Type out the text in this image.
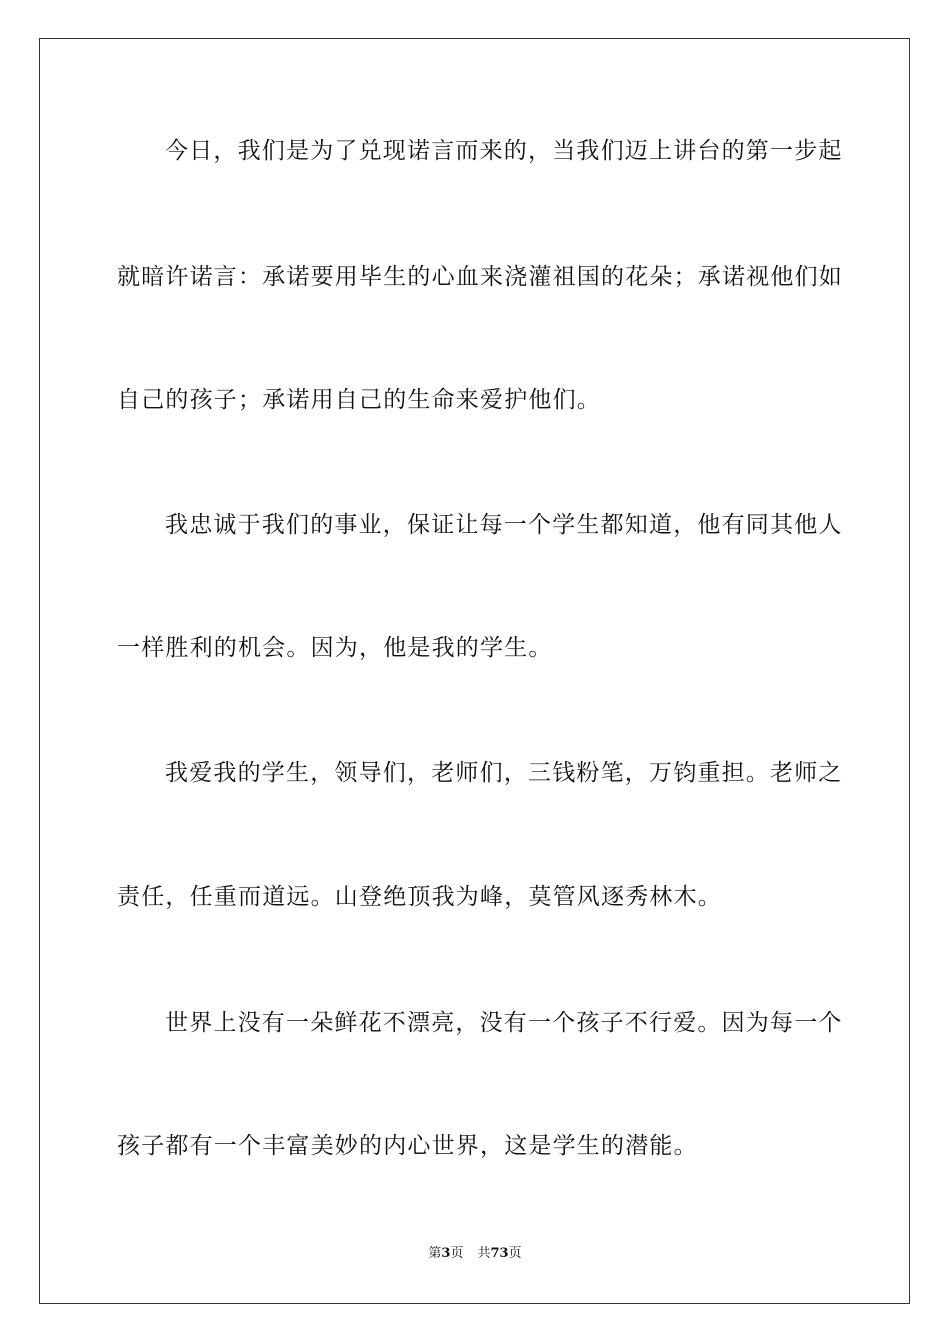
今日，我们是为了兑现诺言而来的，当我们迈上讲台的第一步起
就暗许诺言：承诺要用毕生的心血来浇灌祖国的花朵；承诺视他们如
自己的孩子；承诺用自己的生命来爱护他们。
我忠诚于我们的事业，保证让每一个学生都知道，他有同其他人
一样胜利的机会。因为，他是我的学生。
我爱我的学生，领导们，老师们，三钱粉笔，万钧重担。老师之
责任，任重而道远。山登绝顶我为峰，莫管风逐秀林木。
世界上没有一朵鲜花不漂亮，没有一个孩子不行爱。因为每一个
孩子都有一个丰富美妙的内心世界，这是学生的潜能。
第3页 共73页
